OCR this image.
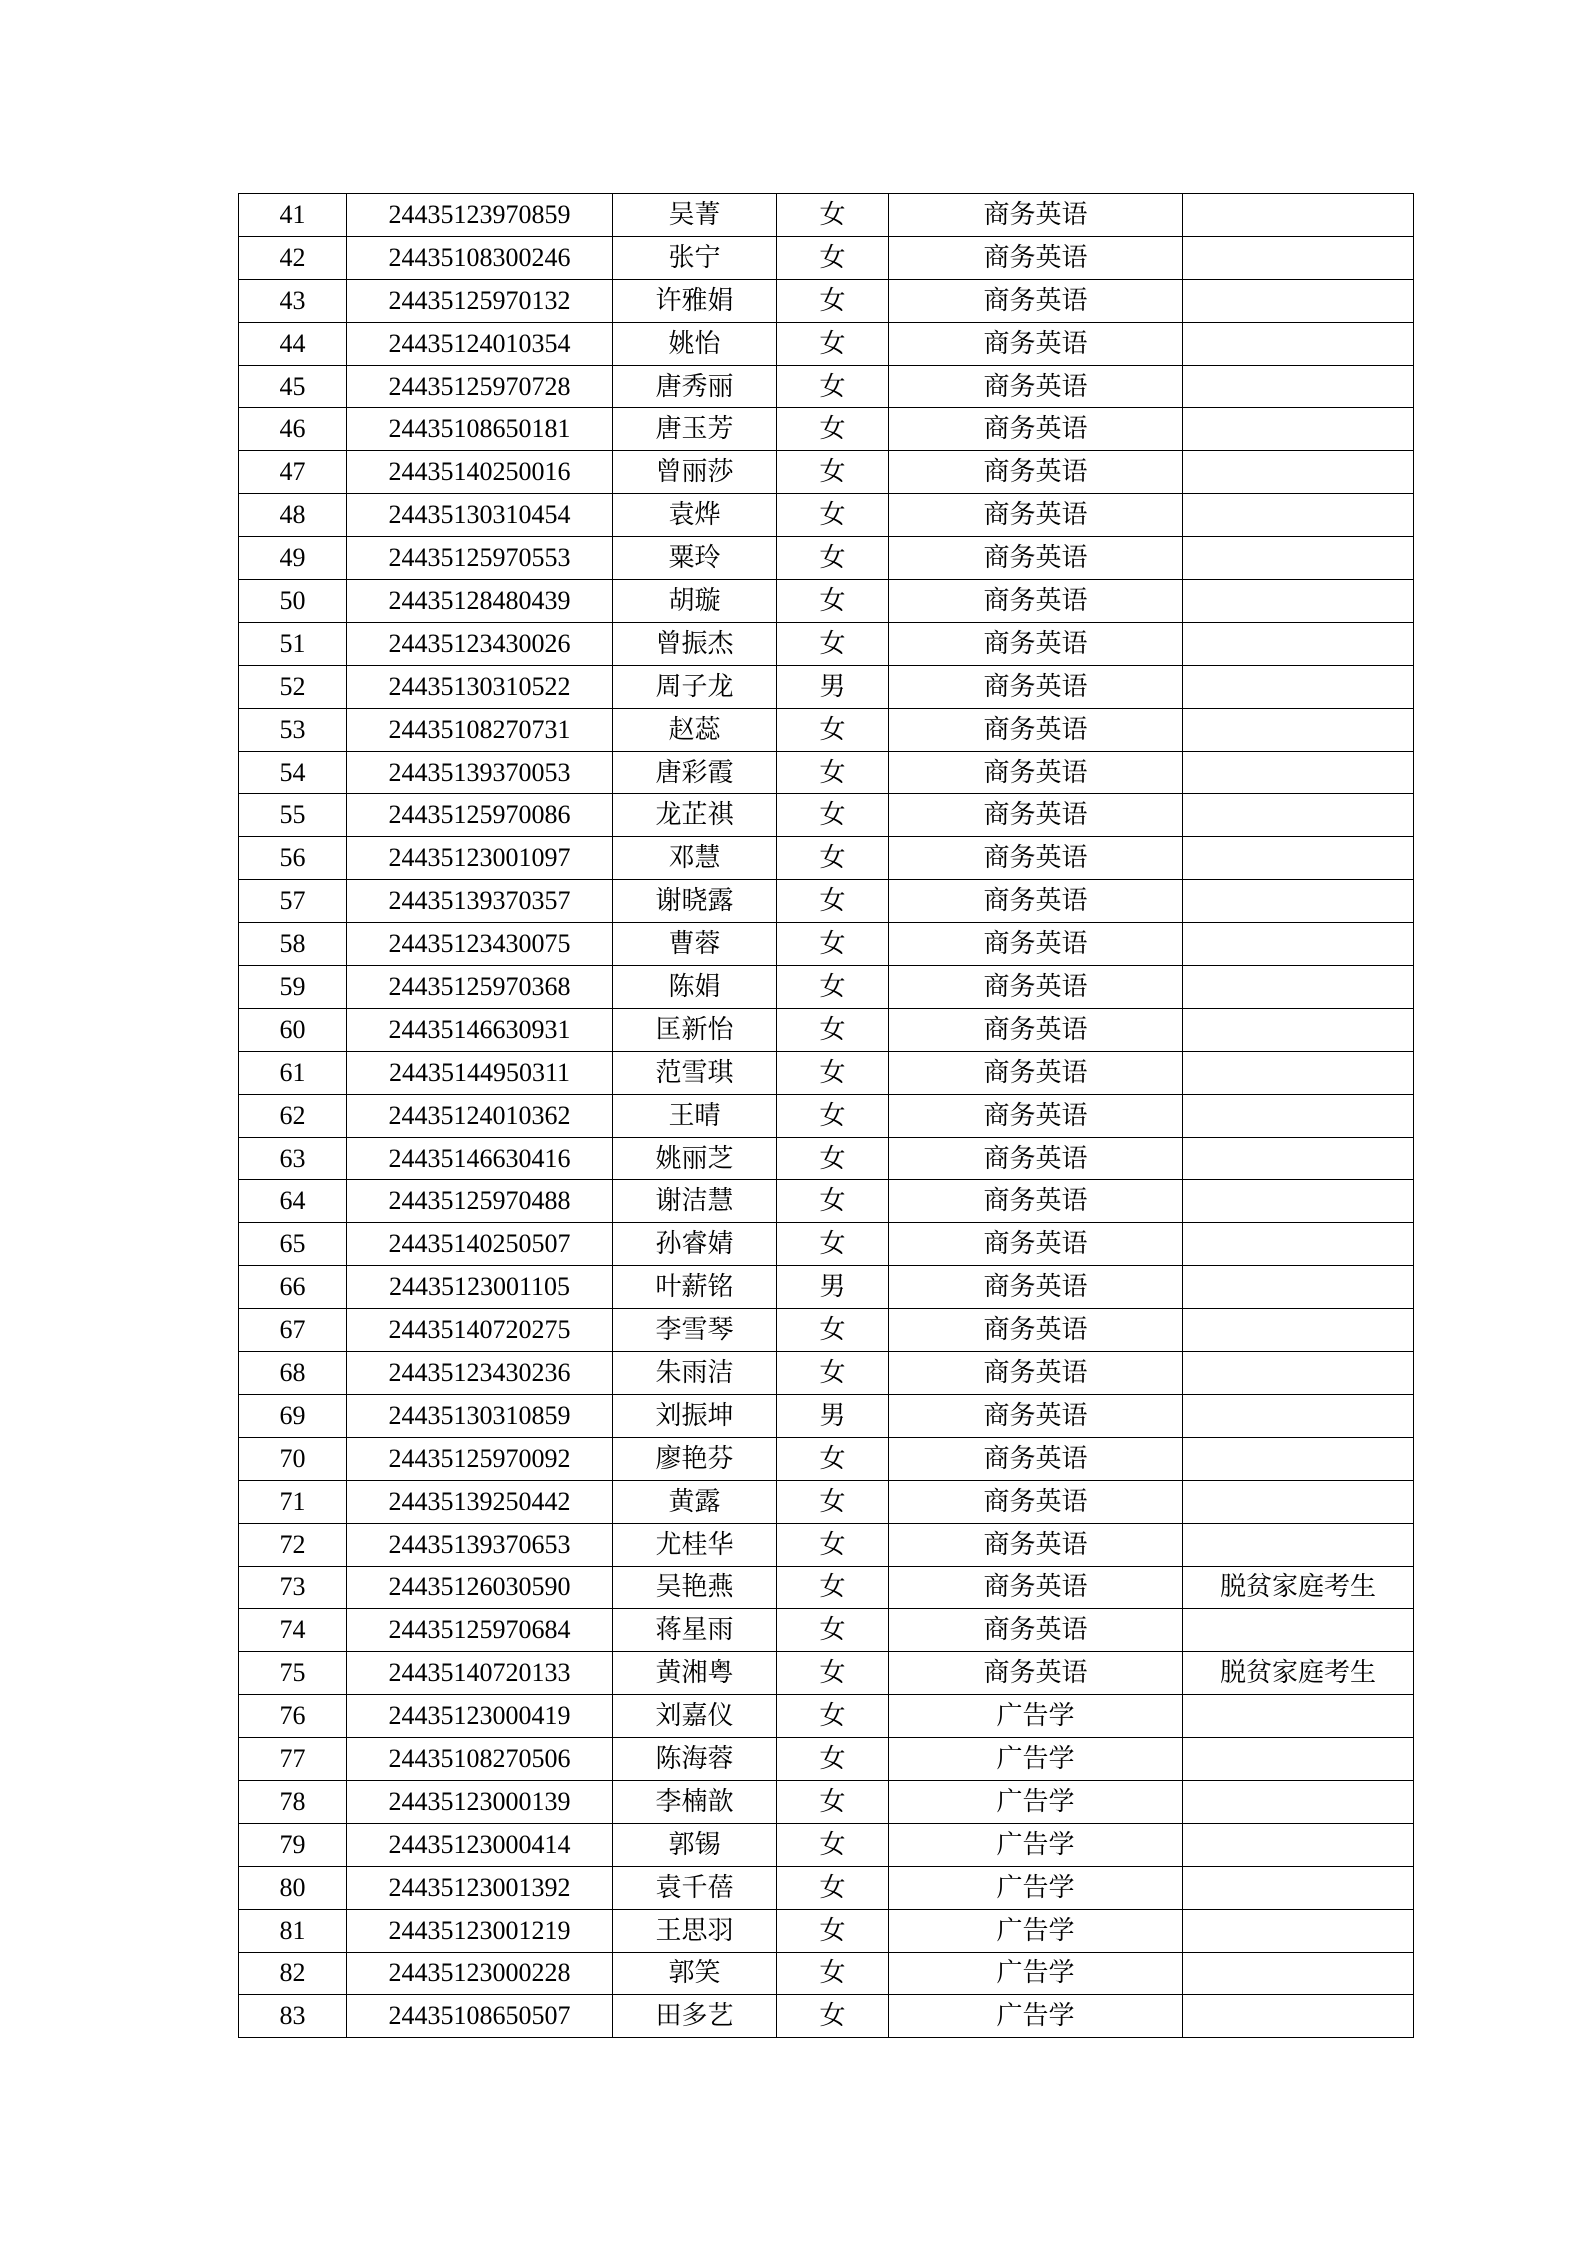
41	24435123970859	吴菁	女	商务英语	
42	24435108300246	张宁	女	商务英语	
43	24435125970132	许雅娟	女	商务英语	
44	24435124010354	姚怡	女	商务英语	
45	24435125970728	唐秀丽	女	商务英语	
46	24435108650181	唐玉芳	女	商务英语	
47	24435140250016	曾丽莎	女	商务英语	
48	24435130310454	袁烨	女	商务英语	
49	24435125970553	粟玲	女	商务英语	
50	24435128480439	胡璇	女	商务英语	
51	24435123430026	曾振杰	女	商务英语	
52	24435130310522	周子龙	男	商务英语	
53	24435108270731	赵蕊	女	商务英语	
54	24435139370053	唐彩霞	女	商务英语	
55	24435125970086	龙芷祺	女	商务英语	
56	24435123001097	邓慧	女	商务英语	
57	24435139370357	谢晓露	女	商务英语	
58	24435123430075	曹蓉	女	商务英语	
59	24435125970368	陈娟	女	商务英语	
60	24435146630931	匡新怡	女	商务英语	
61	24435144950311	范雪琪	女	商务英语	
62	24435124010362	王晴	女	商务英语	
63	24435146630416	姚丽芝	女	商务英语	
64	24435125970488	谢洁慧	女	商务英语	
65	24435140250507	孙睿婧	女	商务英语	
66	24435123001105	叶薪铭	男	商务英语	
67	24435140720275	李雪琴	女	商务英语	
68	24435123430236	朱雨洁	女	商务英语	
69	24435130310859	刘振坤	男	商务英语	
70	24435125970092	廖艳芬	女	商务英语	
71	24435139250442	黄露	女	商务英语	
72	24435139370653	尤桂华	女	商务英语	
73	24435126030590	吴艳燕	女	商务英语	脱贫家庭考生
74	24435125970684	蒋星雨	女	商务英语	
75	24435140720133	黄湘粤	女	商务英语	脱贫家庭考生
76	24435123000419	刘嘉仪	女	广告学	
77	24435108270506	陈海蓉	女	广告学	
78	24435123000139	李楠歆	女	广告学	
79	24435123000414	郭锡	女	广告学	
80	24435123001392	袁千蓓	女	广告学	
81	24435123001219	王思羽	女	广告学	
82	24435123000228	郭笑	女	广告学	
83	24435108650507	田多艺	女	广告学	
